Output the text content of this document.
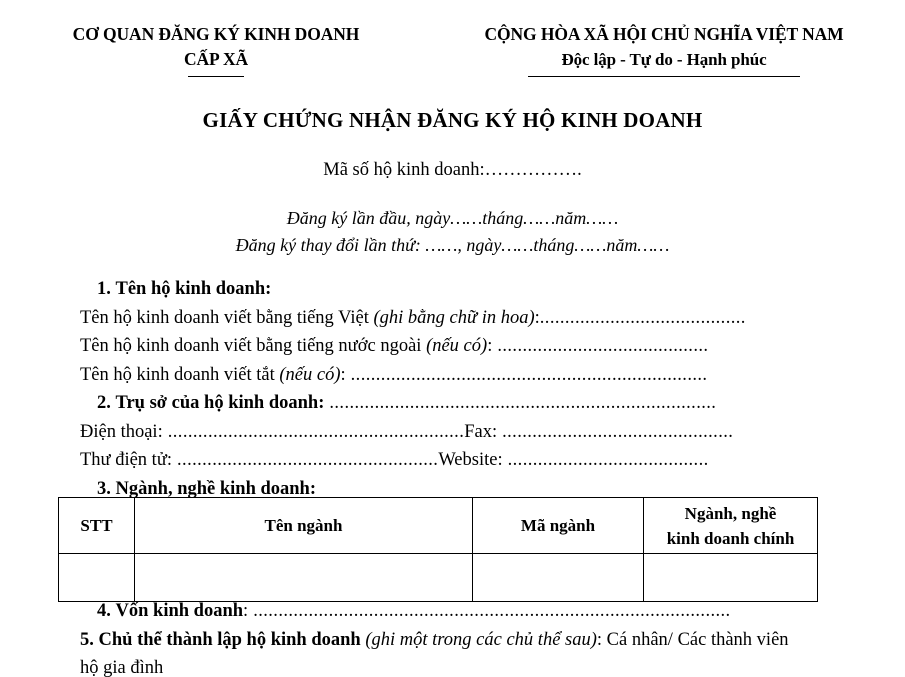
CƠ QUAN ĐĂNG KÝ KINH DOANH
CẤP XÃ
CỘNG HÒA XÃ HỘI CHỦ NGHĨA VIỆT NAM
Độc lập - Tự do - Hạnh phúc
GIẤY CHỨNG NHẬN ĐĂNG KÝ HỘ KINH DOANH
Mã số hộ kinh doanh:…………….
Đăng ký lần đầu, ngày……tháng……năm……
Đăng ký thay đổi lần thứ: ……, ngày……tháng……năm……
1. Tên hộ kinh doanh:
Tên hộ kinh doanh viết bằng tiếng Việt (ghi bằng chữ in hoa):.........................................
Tên hộ kinh doanh viết bằng tiếng nước ngoài (nếu có): ..........................................
Tên hộ kinh doanh viết tắt (nếu có): .......................................................................
2. Trụ sở của hộ kinh doanh: .............................................................................
Điện thoại: ...........................................................Fax: ..............................................
Thư điện tử: ....................................................Website: ........................................
3. Ngành, nghề kinh doanh:
STT	Tên ngành	Mã ngành	Ngành, nghề
kinh doanh chính

4. Vốn kinh doanh: ...............................................................................................
5. Chủ thể thành lập hộ kinh doanh (ghi một trong các chủ thể sau): Cá nhân/ Các thành viên hộ gia đình
